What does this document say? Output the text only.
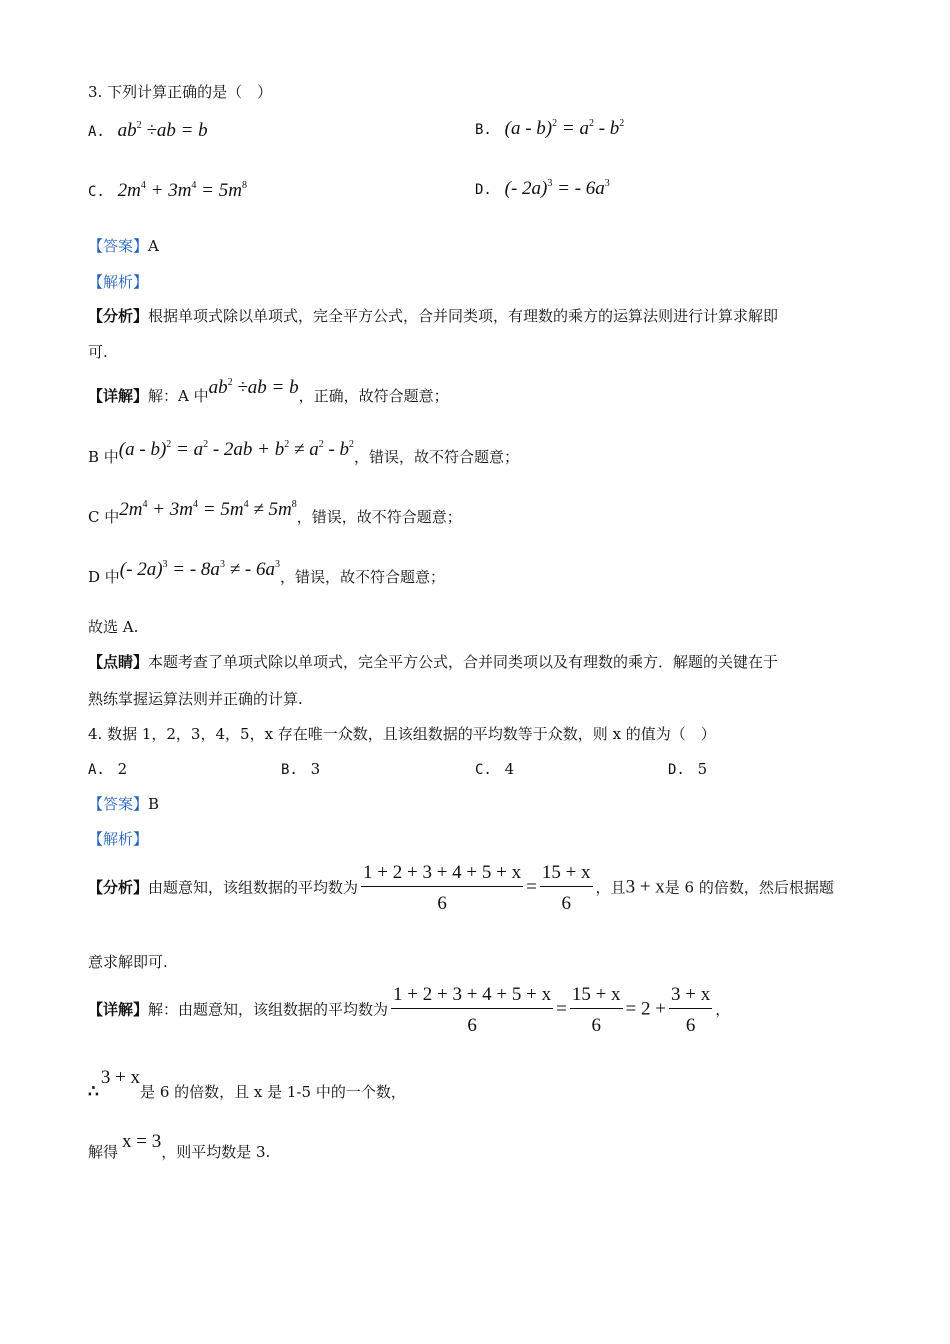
3. 下列计算正确的是（　）
A. $ab^2 \div ab = b$	B. $(a - b)^2 = a^2 - b^2$
C. $2m^4 + 3m^4 = 5m^8$	D. (- 2a)$^3$ = - $6a^3$
【答案】A
【解析】
【分析】根据单项式除以单项式，完全平方公式，合并同类项，有理数的乘方的运算法则进行计算求解即
可.
【详解】解：A 中$ab^2 \div ab = b$，正确，故符合题意；
B 中$(a - b)^2 = a^2 - 2ab + b^2 \ne a^2 - b^2$，错误，故不符合题意；
C 中$2m^4 + 3m^4 = 5m^4 \ne 5m^8$，错误，故不符合题意；
D 中(- 2a)$^3$ = - $8a^3$ ≠ - $6a^3$，错误，故不符合题意；
故选 A.
【点睛】本题考查了单项式除以单项式，完全平方公式，合并同类项以及有理数的乘方．解题的关键在于
熟练掌握运算法则并正确的计算.
4. 数据 1，2，3，4，5，x 存在唯一众数，且该组数据的平均数等于众数，则 x 的值为（　）
A. 2	B. 3	C. 4	D. 5
【答案】B
【解析】
【分析】由题意知，该组数据的平均数为 $\frac{1 + 2 + 3 + 4 + 5 + x}{6} = \frac{15 + x}{6}$ ，且3 + x是 6 的倍数，然后根据题
意求解即可.
【详解】解：由题意知，该组数据的平均数为 $\frac{1 + 2 + 3 + 4 + 5 + x}{6} = \frac{15 + x}{6} = 2 + \frac{3 + x}{6}$ ，
∴3 + x是 6 的倍数，且 x 是 1-5 中的一个数，
解得 x = 3，则平均数是 3.
